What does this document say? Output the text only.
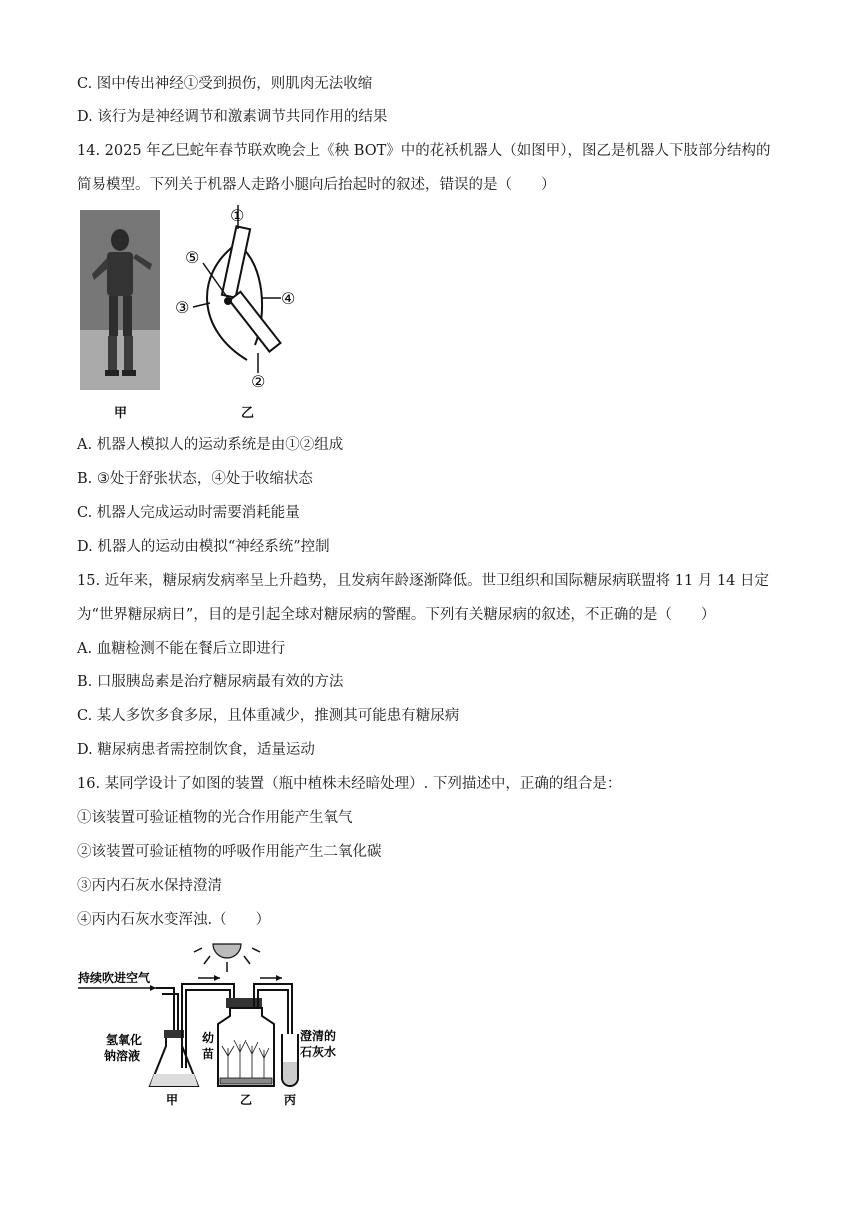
C. 图中传出神经①受到损伤，则肌肉无法收缩
D. 该行为是神经调节和激素调节共同作用的结果
14. 2025 年乙巳蛇年春节联欢晚会上《秧 BOT》中的花袄机器人（如图甲），图乙是机器人下肢部分结构的
简易模型。下列关于机器人走路小腿向后抬起时的叙述，错误的是（　　）
甲
①
②
③	④
⑤
乙
A. 机器人模拟人的运动系统是由①②组成
B. ③处于舒张状态，④处于收缩状态
C. 机器人完成运动时需要消耗能量
D. 机器人的运动由模拟“神经系统”控制
15. 近年来，糖尿病发病率呈上升趋势，且发病年龄逐渐降低。世卫组织和国际糖尿病联盟将 11 月 14 日定
为“世界糖尿病日”，目的是引起全球对糖尿病的警醒。下列有关糖尿病的叙述，不正确的是（　　）
A. 血糖检测不能在餐后立即进行
B. 口服胰岛素是治疗糖尿病最有效的方法
C. 某人多饮多食多尿，且体重减少，推测其可能患有糖尿病
D. 糖尿病患者需控制饮食，适量运动
16. 某同学设计了如图的装置（瓶中植株未经暗处理）. 下列描述中，正确的组合是：
①该装置可验证植物的光合作用能产生氧气
②该装置可验证植物的呼吸作用能产生二氧化碳
③丙内石灰水保持澄清
④丙内石灰水变浑浊.（　　）
持续吹进空气
氢氧化
钠溶液
幼
苗
澄清的
石灰水
甲	乙	丙
